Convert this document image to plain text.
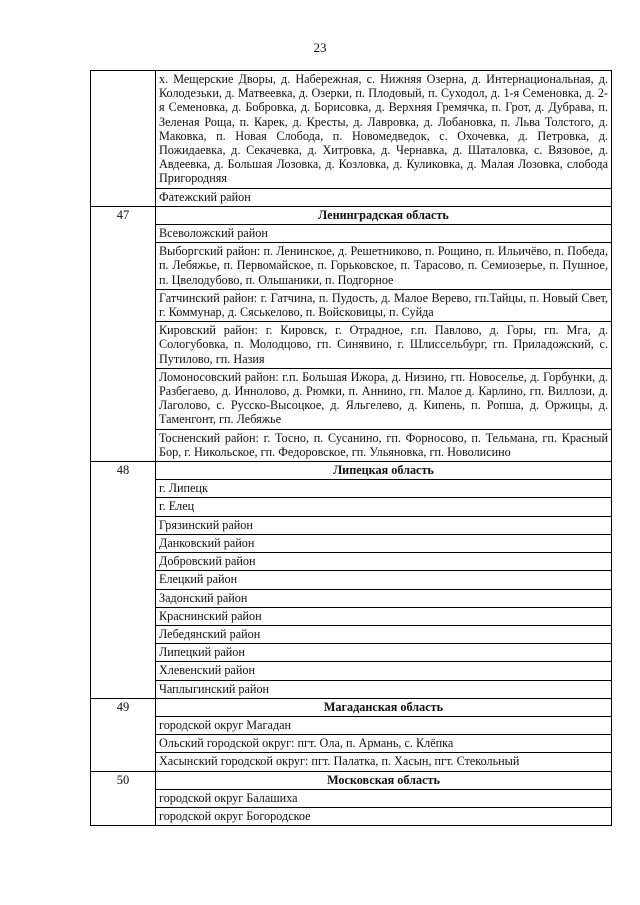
23
	х. Мещерские Дворы, д. Набережная, с. Нижняя Озерна, д. Интернациональная, д. Колодезьки, д. Матвеевка, д. Озерки, п. Плодовый, п. Суходол, д. 1-я Семеновка, д. 2-я Семеновка, д. Бобровка, д. Борисовка, д. Верхняя Гремячка, п. Грот, д. Дубрава, п. Зеленая Роща, п. Карек, д. Кресты, д. Лавровка, д. Лобановка, п. Льва Толстого, д. Маковка, п. Новая Слобода, п. Новомедведок, с. Охочевка, д. Петровка, д. Пожидаевка, д. Секачевка, д. Хитровка, д. Чернавка, д. Шаталовка, с. Вязовое, д. Авдеевка, д. Большая Лозовка, д. Козловка, д. Куликовка, д. Малая Лозовка, слобода Пригородняя
	Фатежский район
47	Ленинградская область
	Всеволожский район
	Выборгский район: п. Ленинское, д. Решетниково, п. Рощино, п. Ильичёво, п. Победа, п. Лебяжье, п. Первомайское, п. Горьковское, п. Тарасово, п. Семиозерье, п. Пушное, п. Цвелодубово, п. Ольшаники, п. Подгорное
	Гатчинский район: г. Гатчина, п. Пудость, д. Малое Верево, гп.Тайцы, п. Новый Свет, г. Коммунар, д. Сяськелово, п. Войсковицы, п. Суйда
	Кировский район: г. Кировск, г. Отрадное, г.п. Павлово, д. Горы, гп. Мга, д. Сологубовка, п. Молодцово, гп. Синявино, г. Шлиссельбург, гп. Приладожский, с. Путилово, гп. Назия
	Ломоносовский район: г.п. Большая Ижора, д. Низино, гп. Новоселье, д. Горбунки, д. Разбегаево, д. Иннолово, д. Рюмки, п. Аннино, гп. Малое д. Карлино, гп. Виллози, д. Лаголово, с. Русско-Высоцкое, д. Яльгелево, д. Кипень, п. Ропша, д. Оржицы, д. Таменгонт, гп. Лебяжье
	Тосненский район: г. Тосно, п. Сусанино, гп. Форносово, п. Тельмана, гп. Красный Бор, г. Никольское, гп. Федоровское, гп. Ульяновка, гп. Новолисино
48	Липецкая область
	г. Липецк
	г. Елец
	Грязинский район
	Данковский район
	Добровский район
	Елецкий район
	Задонский район
	Краснинский район
	Лебедянский район
	Липецкий район
	Хлевенский район
	Чаплыгинский район
49	Магаданская область
	городской округ Магадан
	Ольский городской округ: пгт. Ола, п. Армань, с. Клёпка
	Хасынский городской округ: пгт. Палатка, п. Хасын, пгт. Стекольный
50	Московская область
	городской округ Балашиха
	городской округ Богородское
